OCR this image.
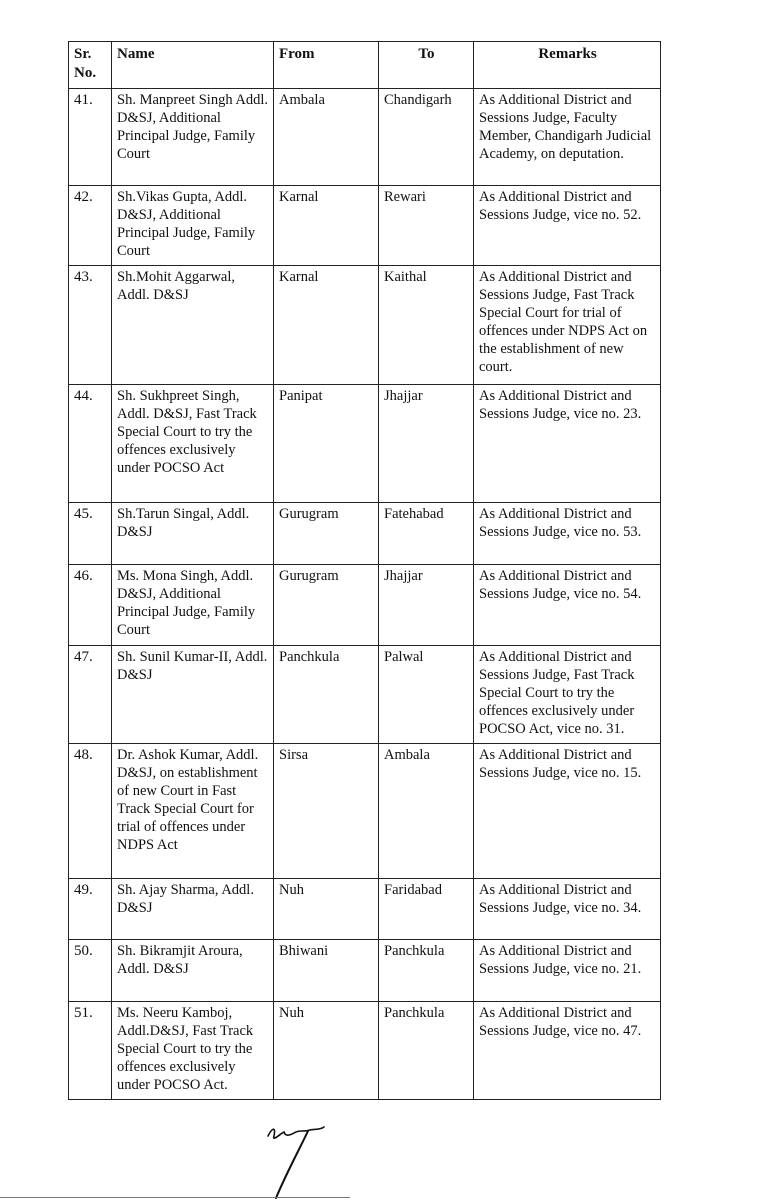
Sr. No.	Name	From	To	Remarks
41.	Sh. Manpreet Singh Addl. D&SJ, Additional Principal Judge, Family Court	Ambala	Chandigarh	As Additional District and Sessions Judge, Faculty Member, Chandigarh Judicial Academy, on deputation.
42.	Sh.Vikas Gupta, Addl. D&SJ, Additional Principal Judge, Family Court	Karnal	Rewari	As Additional District and Sessions Judge, vice no. 52.
43.	Sh.Mohit Aggarwal, Addl. D&SJ	Karnal	Kaithal	As Additional District and Sessions Judge, Fast Track Special Court for trial of offences under NDPS Act on the establishment of new court.
44.	Sh. Sukhpreet Singh, Addl. D&SJ, Fast Track Special Court to try the offences exclusively under POCSO Act	Panipat	Jhajjar	As Additional District and Sessions Judge, vice no. 23.
45.	Sh.Tarun Singal, Addl. D&SJ	Gurugram	Fatehabad	As Additional District and Sessions Judge, vice no. 53.
46.	Ms. Mona Singh, Addl. D&SJ, Additional Principal Judge, Family Court	Gurugram	Jhajjar	As Additional District and Sessions Judge, vice no. 54.
47.	Sh. Sunil Kumar-II, Addl. D&SJ	Panchkula	Palwal	As Additional District and Sessions Judge, Fast Track Special Court to try the offences exclusively under POCSO Act, vice no. 31.
48.	Dr. Ashok Kumar, Addl. D&SJ, on establishment of new Court in Fast Track Special Court for trial of offences under NDPS Act	Sirsa	Ambala	As Additional District and Sessions Judge, vice no. 15.
49.	Sh. Ajay Sharma, Addl. D&SJ	Nuh	Faridabad	As Additional District and Sessions Judge, vice no. 34.
50.	Sh. Bikramjit Aroura, Addl. D&SJ	Bhiwani	Panchkula	As Additional District and Sessions Judge, vice no. 21.
51.	Ms. Neeru Kamboj, Addl.D&SJ, Fast Track Special Court to try the offences exclusively under POCSO Act.	Nuh	Panchkula	As Additional District and Sessions Judge, vice no. 47.
